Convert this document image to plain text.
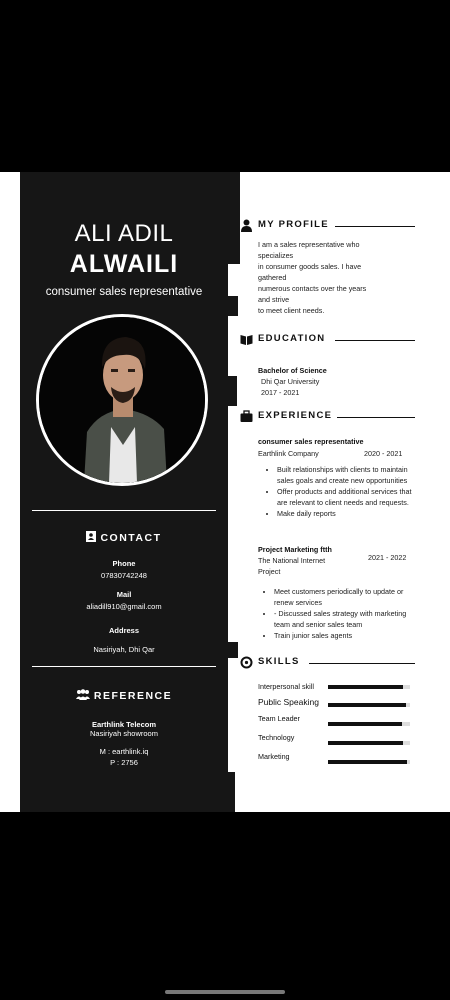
ALI ADIL
ALWAILI
consumer sales representative
CONTACT
Phone
07830742248
Mail
aliadill910@gmail.com
Address
Nasiriyah, Dhi Qar
REFERENCE
Earthlink Telecom
Nasiriyah showroom
M : earthlink.iq
P : 2756
MY PROFILE
I am a sales representative who
specializes
in consumer goods sales. I have
gathered
numerous contacts over the years
and strive
to meet client needs.
EDUCATION
Bachelor of Science
Dhi Qar University
2017 - 2021
EXPERIENCE
consumer sales representative
Earthlink Company	2020 - 2021
• Built relationships with clients to maintain sales goals and create new opportunities
• Offer products and additional services that are relevant to client needs and requests.
• Make daily reports
Project Marketing ftth
The National Internet Project
2021 - 2022
• Meet customers periodically to update or renew services
• - Discussed sales strategy with marketing team and senior sales team
• Train junior sales agents
SKILLS
Interpersonal skill
Public Speaking
Team Leader
Technology
Marketing
